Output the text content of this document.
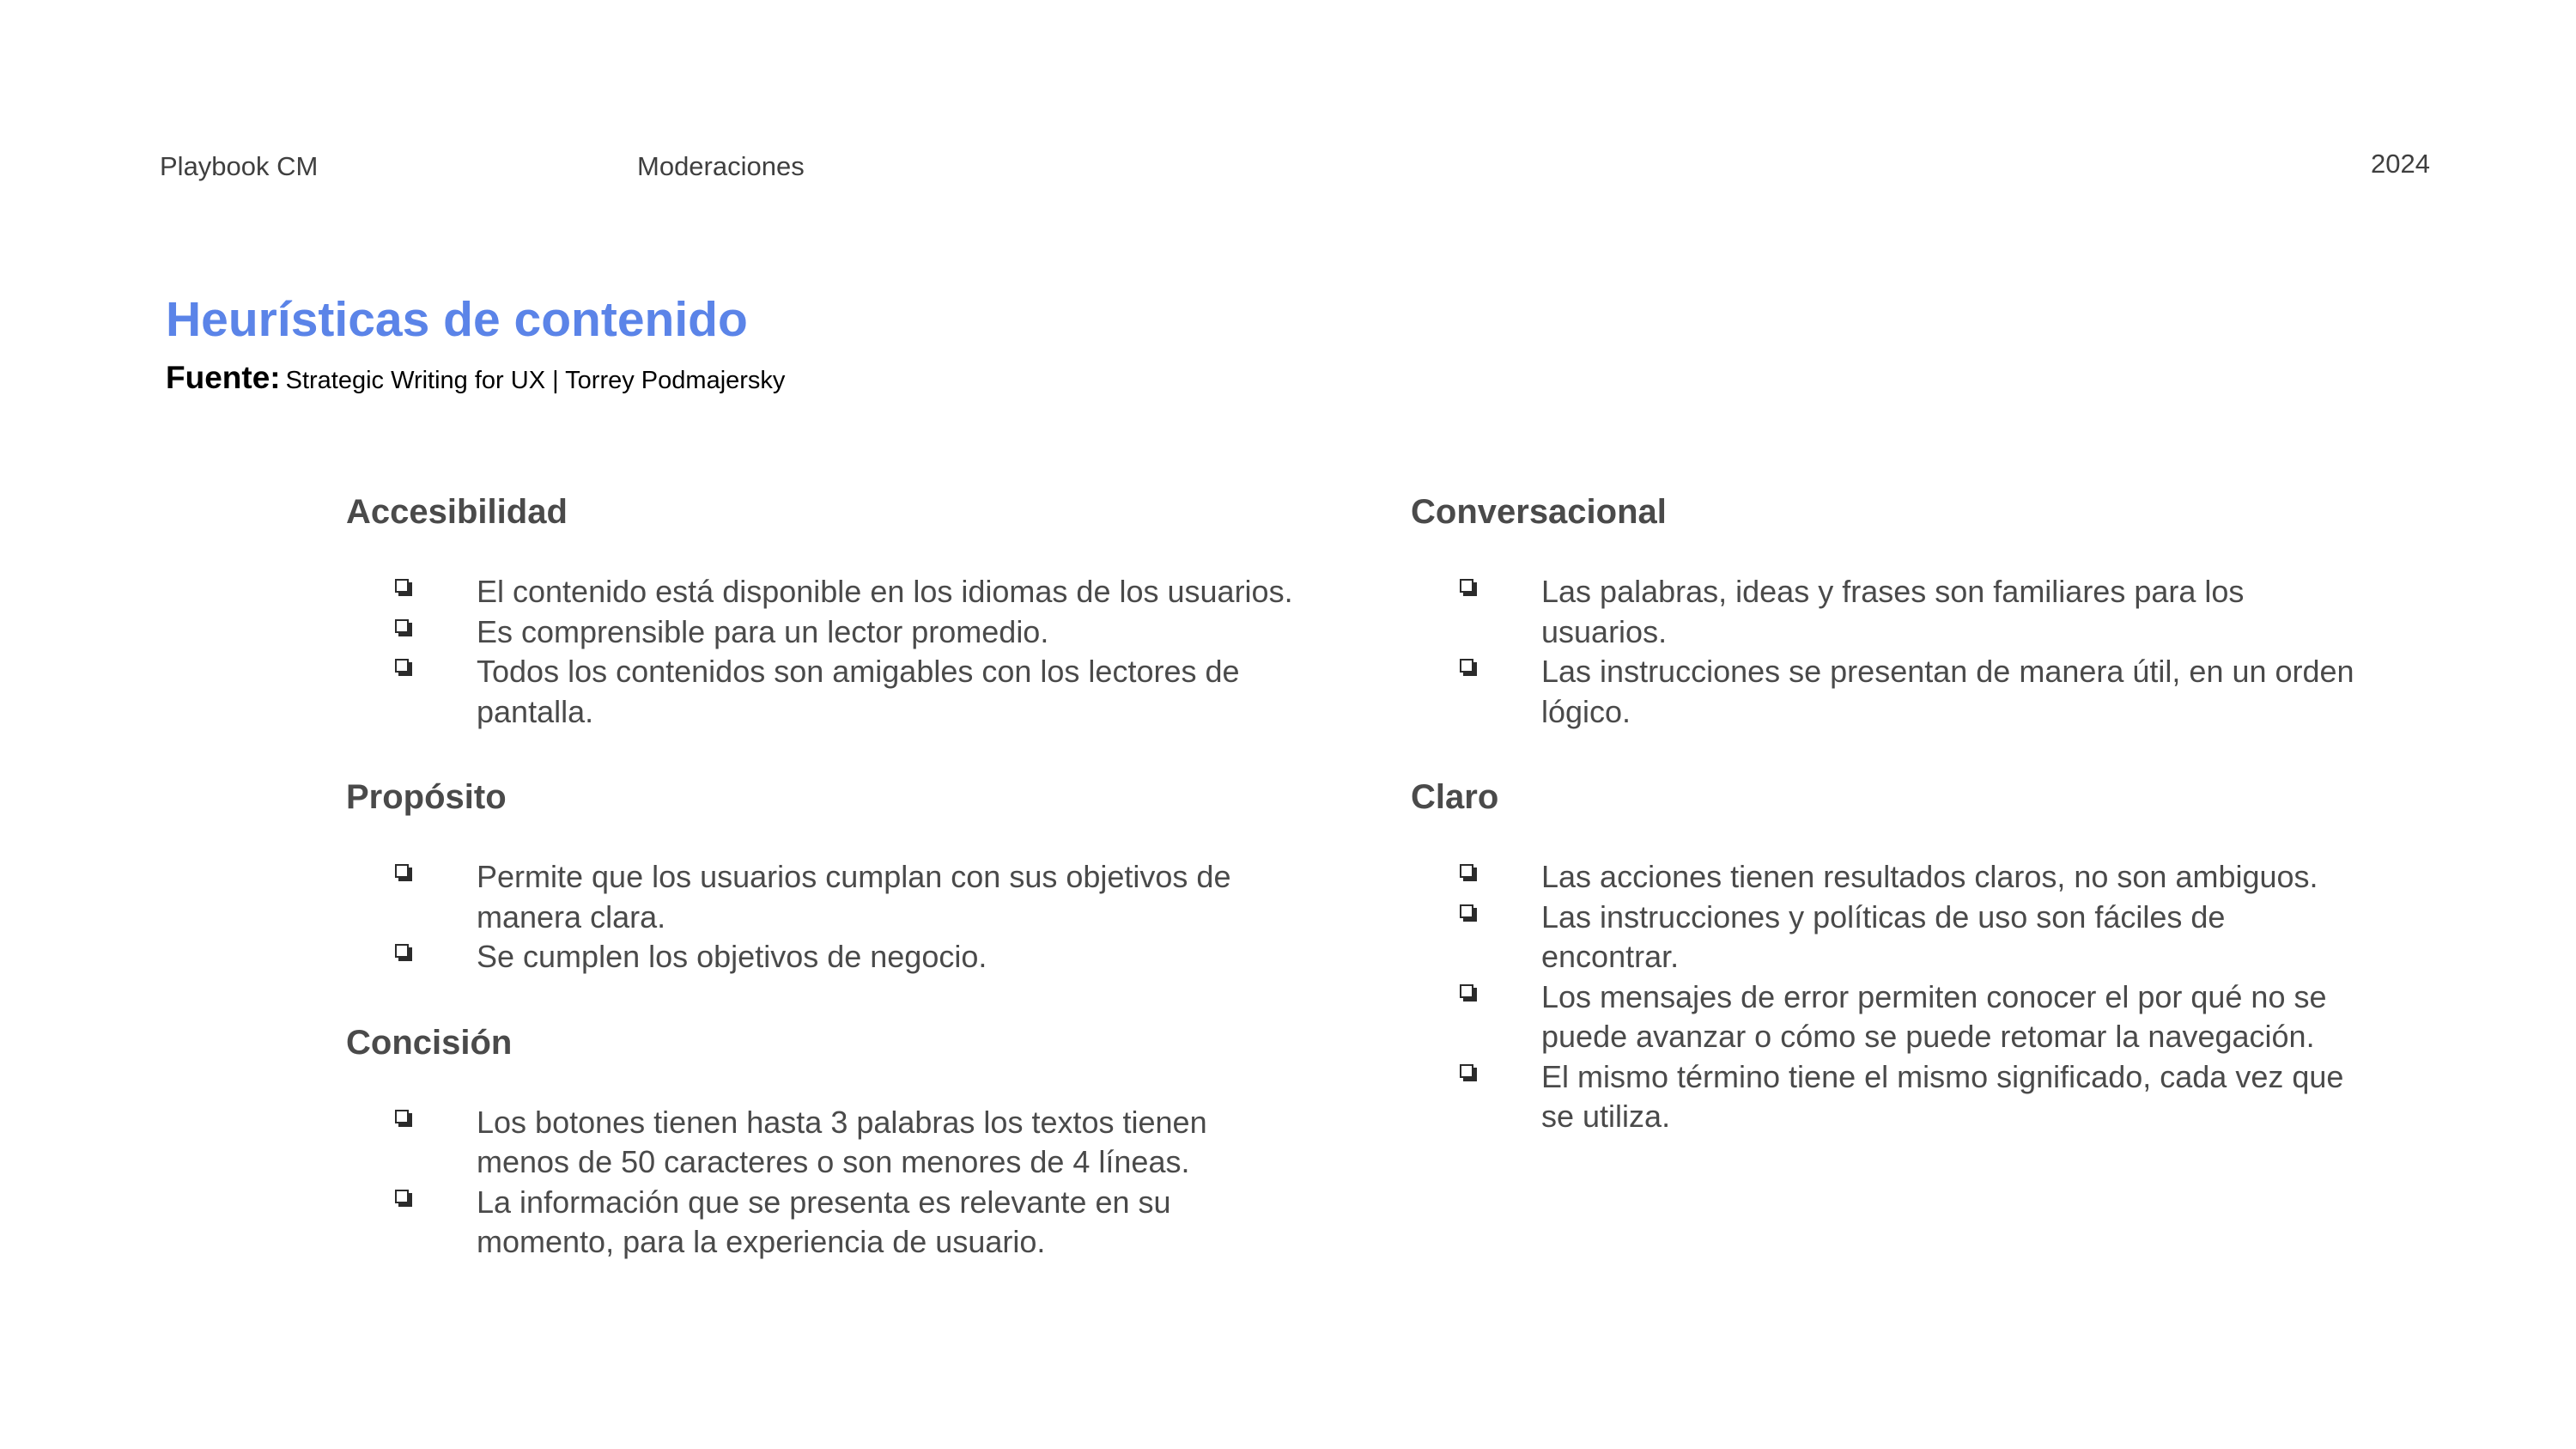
Playbook CM	Moderaciones	2024
Heurísticas de contenido
Fuente: Strategic Writing for UX | Torrey Podmajersky
Accesibilidad
El contenido está disponible en los idiomas de los usuarios.
Es comprensible para un lector promedio.
Todos los contenidos son amigables con los lectores de pantalla.
Propósito
Permite que los usuarios cumplan con sus objetivos de manera clara.
Se cumplen los objetivos de negocio.
Concisión
Los botones tienen hasta 3 palabras los textos tienen menos de 50 caracteres o son menores de 4 líneas.
La información que se presenta es relevante en su momento, para la experiencia de usuario.
Conversacional
Las palabras, ideas y frases son familiares para los usuarios.
Las instrucciones se presentan de manera útil, en un orden lógico.
Claro
Las acciones tienen resultados claros, no son ambiguos.
Las instrucciones y políticas de uso son fáciles de encontrar.
Los mensajes de error permiten conocer el por qué no se puede avanzar o cómo se puede retomar la navegación.
El mismo término tiene el mismo significado, cada vez que se utiliza.
